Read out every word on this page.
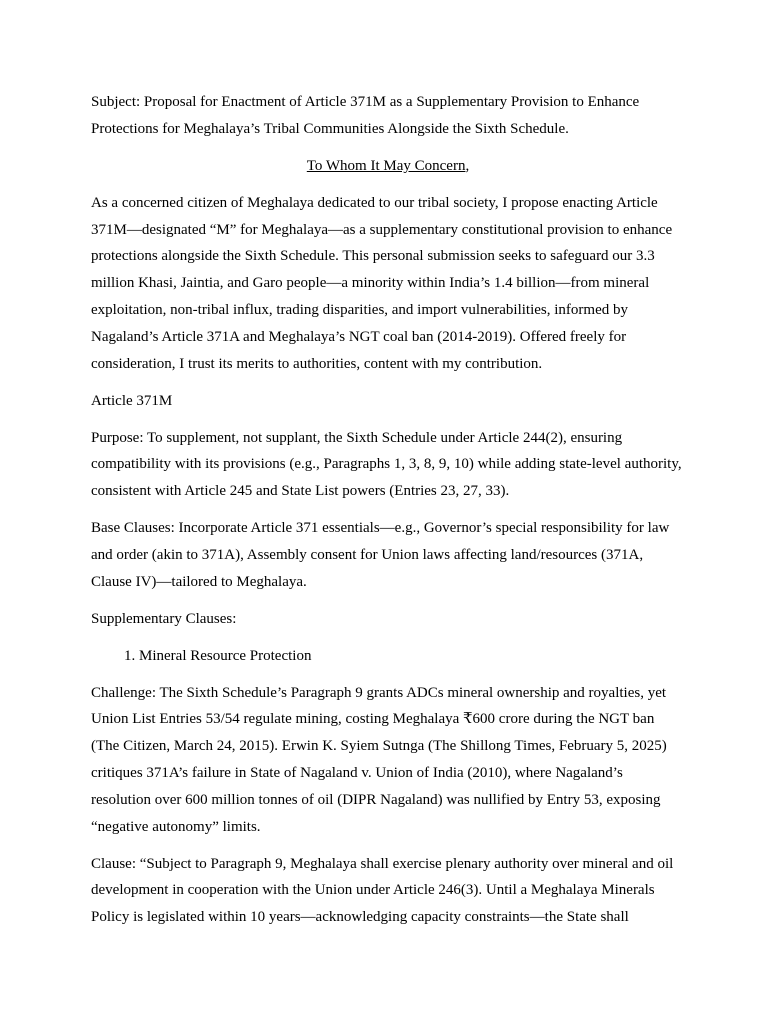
Subject: Proposal for Enactment of Article 371M as a Supplementary Provision to Enhance Protections for Meghalaya’s Tribal Communities Alongside the Sixth Schedule.

To Whom It May Concern,

As a concerned citizen of Meghalaya dedicated to our tribal society, I propose enacting Article 371M—designated “M” for Meghalaya—as a supplementary constitutional provision to enhance protections alongside the Sixth Schedule. This personal submission seeks to safeguard our 3.3 million Khasi, Jaintia, and Garo people—a minority within India’s 1.4 billion—from mineral exploitation, non-tribal influx, trading disparities, and import vulnerabilities, informed by Nagaland’s Article 371A and Meghalaya’s NGT coal ban (2014-2019). Offered freely for consideration, I trust its merits to authorities, content with my contribution.

Article 371M

Purpose: To supplement, not supplant, the Sixth Schedule under Article 244(2), ensuring compatibility with its provisions (e.g., Paragraphs 1, 3, 8, 9, 10) while adding state-level authority, consistent with Article 245 and State List powers (Entries 23, 27, 33).

Base Clauses: Incorporate Article 371 essentials—e.g., Governor’s special responsibility for law and order (akin to 371A), Assembly consent for Union laws affecting land/resources (371A, Clause IV)—tailored to Meghalaya.

Supplementary Clauses:

1. Mineral Resource Protection

Challenge: The Sixth Schedule’s Paragraph 9 grants ADCs mineral ownership and royalties, yet Union List Entries 53/54 regulate mining, costing Meghalaya ₹600 crore during the NGT ban (The Citizen, March 24, 2015). Erwin K. Syiem Sutnga (The Shillong Times, February 5, 2025) critiques 371A’s failure in State of Nagaland v. Union of India (2010), where Nagaland’s resolution over 600 million tonnes of oil (DIPR Nagaland) was nullified by Entry 53, exposing “negative autonomy” limits.

Clause: “Subject to Paragraph 9, Meghalaya shall exercise plenary authority over mineral and oil development in cooperation with the Union under Article 246(3). Until a Meghalaya Minerals Policy is legislated within 10 years—acknowledging capacity constraints—the State shall
